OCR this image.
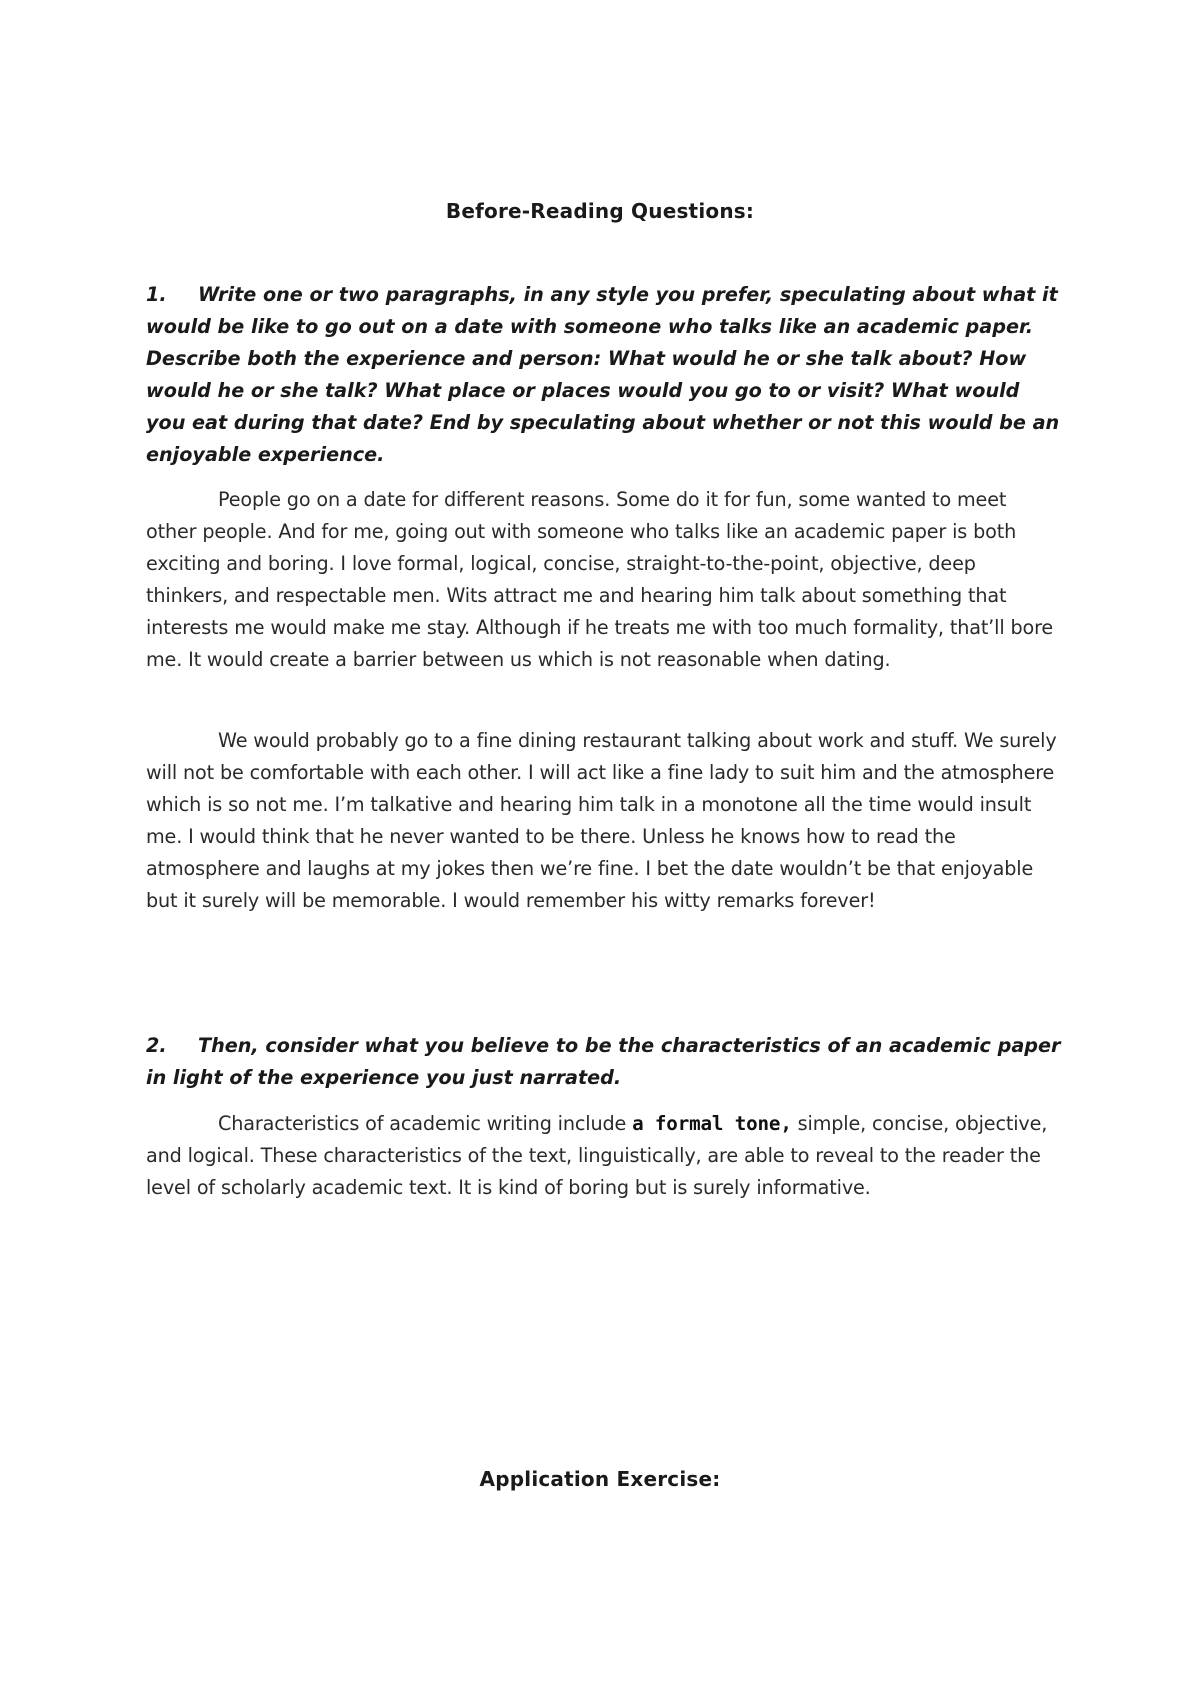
Before-Reading Questions:

1. Write one or two paragraphs, in any style you prefer, speculating about what it would be like to go out on a date with someone who talks like an academic paper. Describe both the experience and person: What would he or she talk about? How would he or she talk? What place or places would you go to or visit? What would you eat during that date? End by speculating about whether or not this would be an enjoyable experience.

People go on a date for different reasons. Some do it for fun, some wanted to meet other people. And for me, going out with someone who talks like an academic paper is both exciting and boring. I love formal, logical, concise, straight-to-the-point, objective, deep thinkers, and respectable men. Wits attract me and hearing him talk about something that interests me would make me stay. Although if he treats me with too much formality, that’ll bore me. It would create a barrier between us which is not reasonable when dating.

We would probably go to a fine dining restaurant talking about work and stuff. We surely will not be comfortable with each other. I will act like a fine lady to suit him and the atmosphere which is so not me. I’m talkative and hearing him talk in a monotone all the time would insult me. I would think that he never wanted to be there. Unless he knows how to read the atmosphere and laughs at my jokes then we’re fine. I bet the date wouldn’t be that enjoyable but it surely will be memorable. I would remember his witty remarks forever!

2. Then, consider what you believe to be the characteristics of an academic paper in light of the experience you just narrated.

Characteristics of academic writing include a formal tone, simple, concise, objective, and logical. These characteristics of the text, linguistically, are able to reveal to the reader the level of scholarly academic text. It is kind of boring but is surely informative.

Application Exercise:
